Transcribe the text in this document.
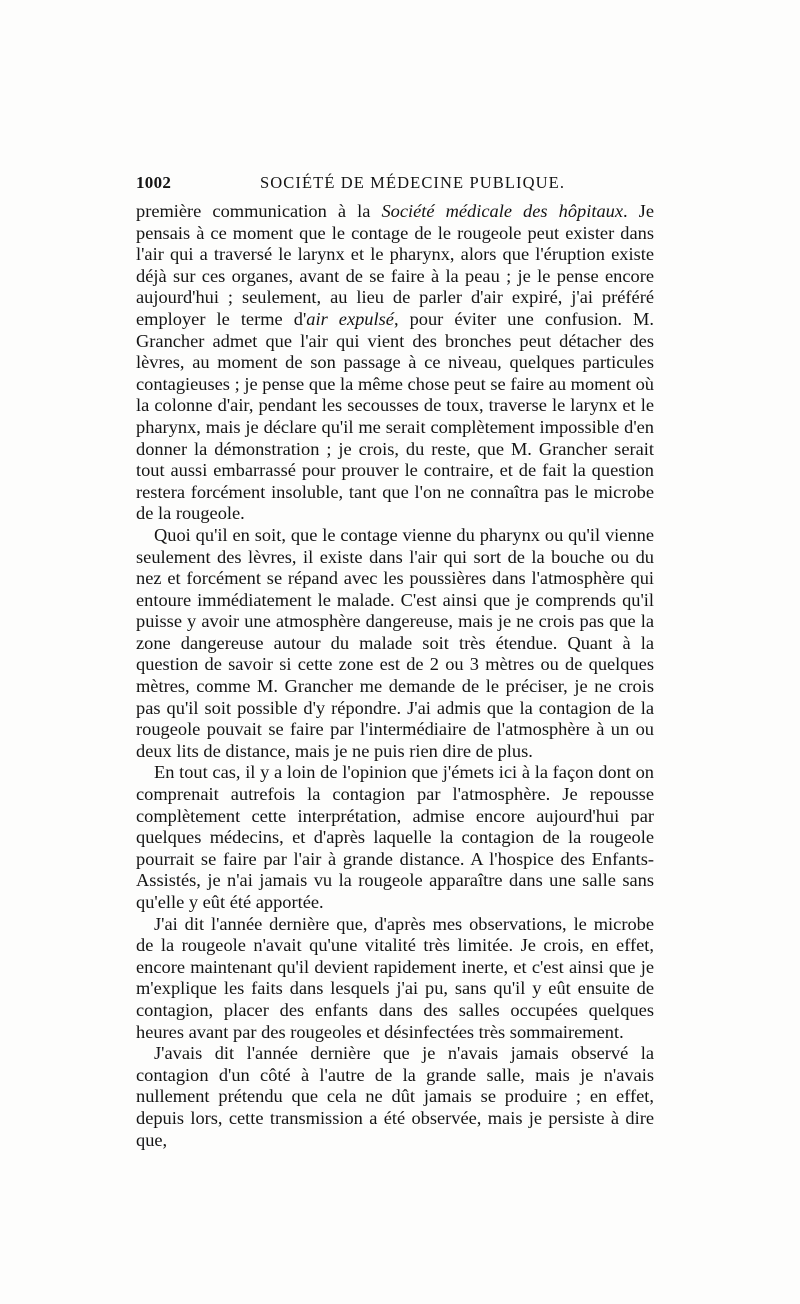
1002	SOCIÉTÉ DE MÉDECINE PUBLIQUE.

première communication à la Société médicale des hôpitaux. Je pensais à ce moment que le contage de le rougeole peut exister dans l'air qui a traversé le larynx et le pharynx, alors que l'éruption existe déjà sur ces organes, avant de se faire à la peau ; je le pense encore aujourd'hui ; seulement, au lieu de parler d'air expiré, j'ai préféré employer le terme d'air expulsé, pour éviter une confusion. M. Grancher admet que l'air qui vient des bronches peut détacher des lèvres, au moment de son passage à ce niveau, quelques particules contagieuses ; je pense que la même chose peut se faire au moment où la colonne d'air, pendant les secousses de toux, traverse le larynx et le pharynx, mais je déclare qu'il me serait complètement impossible d'en donner la démonstration ; je crois, du reste, que M. Grancher serait tout aussi embarrassé pour prouver le contraire, et de fait la question restera forcément insoluble, tant que l'on ne connaîtra pas le microbe de la rougeole.

Quoi qu'il en soit, que le contage vienne du pharynx ou qu'il vienne seulement des lèvres, il existe dans l'air qui sort de la bouche ou du nez et forcément se répand avec les poussières dans l'atmosphère qui entoure immédiatement le malade. C'est ainsi que je comprends qu'il puisse y avoir une atmosphère dangereuse, mais je ne crois pas que la zone dangereuse autour du malade soit très étendue. Quant à la question de savoir si cette zone est de 2 ou 3 mètres ou de quelques mètres, comme M. Grancher me demande de le préciser, je ne crois pas qu'il soit possible d'y répondre. J'ai admis que la contagion de la rougeole pouvait se faire par l'intermédiaire de l'atmosphère à un ou deux lits de distance, mais je ne puis rien dire de plus.

En tout cas, il y a loin de l'opinion que j'émets ici à la façon dont on comprenait autrefois la contagion par l'atmosphère. Je repousse complètement cette interprétation, admise encore aujourd'hui par quelques médecins, et d'après laquelle la contagion de la rougeole pourrait se faire par l'air à grande distance. A l'hospice des Enfants-Assistés, je n'ai jamais vu la rougeole apparaître dans une salle sans qu'elle y eût été apportée.

J'ai dit l'année dernière que, d'après mes observations, le microbe de la rougeole n'avait qu'une vitalité très limitée. Je crois, en effet, encore maintenant qu'il devient rapidement inerte, et c'est ainsi que je m'explique les faits dans lesquels j'ai pu, sans qu'il y eût ensuite de contagion, placer des enfants dans des salles occupées quelques heures avant par des rougeoles et désinfectées très sommairement.

J'avais dit l'année dernière que je n'avais jamais observé la contagion d'un côté à l'autre de la grande salle, mais je n'avais nullement prétendu que cela ne dût jamais se produire ; en effet, depuis lors, cette transmission a été observée, mais je persiste à dire que,
